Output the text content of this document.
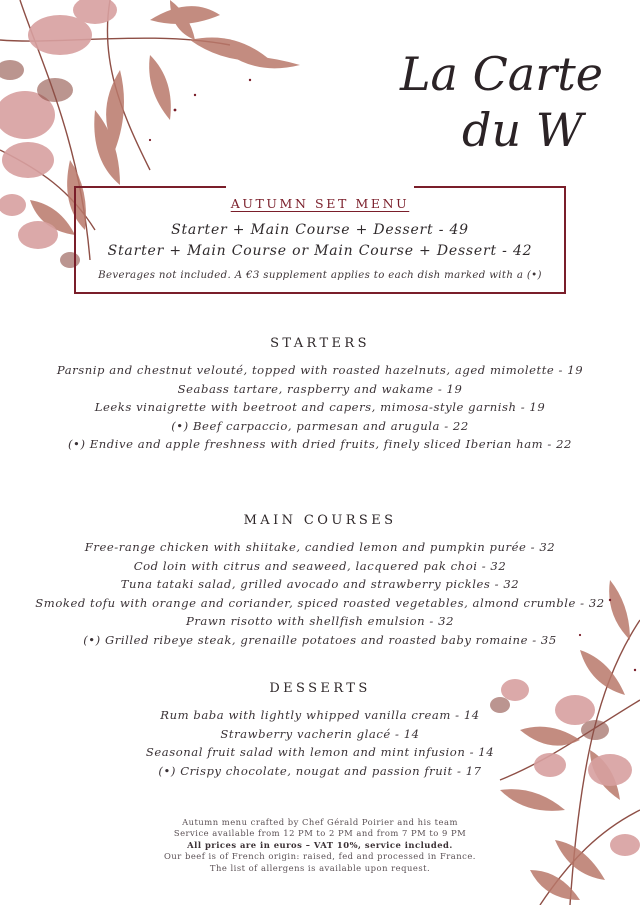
La Carte
du W
AUTUMN SET MENU
Starter + Main Course + Dessert - 49
Starter + Main Course or Main Course + Dessert - 42
Beverages not included. A €3 supplement applies to each dish marked with a (•)
STARTERS
Parsnip and chestnut velouté, topped with roasted hazelnuts, aged mimolette - 19
Seabass tartare, raspberry and wakame - 19
Leeks vinaigrette with beetroot and capers, mimosa-style garnish - 19
(•) Beef carpaccio, parmesan and arugula - 22
(•) Endive and apple freshness with dried fruits, finely sliced Iberian ham - 22
MAIN COURSES
Free-range chicken with shiitake, candied lemon and pumpkin purée - 32
Cod loin with citrus and seaweed, lacquered pak choi - 32
Tuna tataki salad, grilled avocado and strawberry pickles - 32
Smoked tofu with orange and coriander, spiced roasted vegetables, almond crumble - 32
Prawn risotto with shellfish emulsion - 32
(•) Grilled ribeye steak, grenaille potatoes and roasted baby romaine - 35
DESSERTS
Rum baba with lightly whipped vanilla cream - 14
Strawberry vacherin glacé - 14
Seasonal fruit salad with lemon and mint infusion - 14
(•) Crispy chocolate, nougat and passion fruit - 17
Autumn menu crafted by Chef Gérald Poirier and his team
Service available from 12 PM to 2 PM and from 7 PM to 9 PM
All prices are in euros – VAT 10%, service included.
Our beef is of French origin: raised, fed and processed in France.
The list of allergens is available upon request.
